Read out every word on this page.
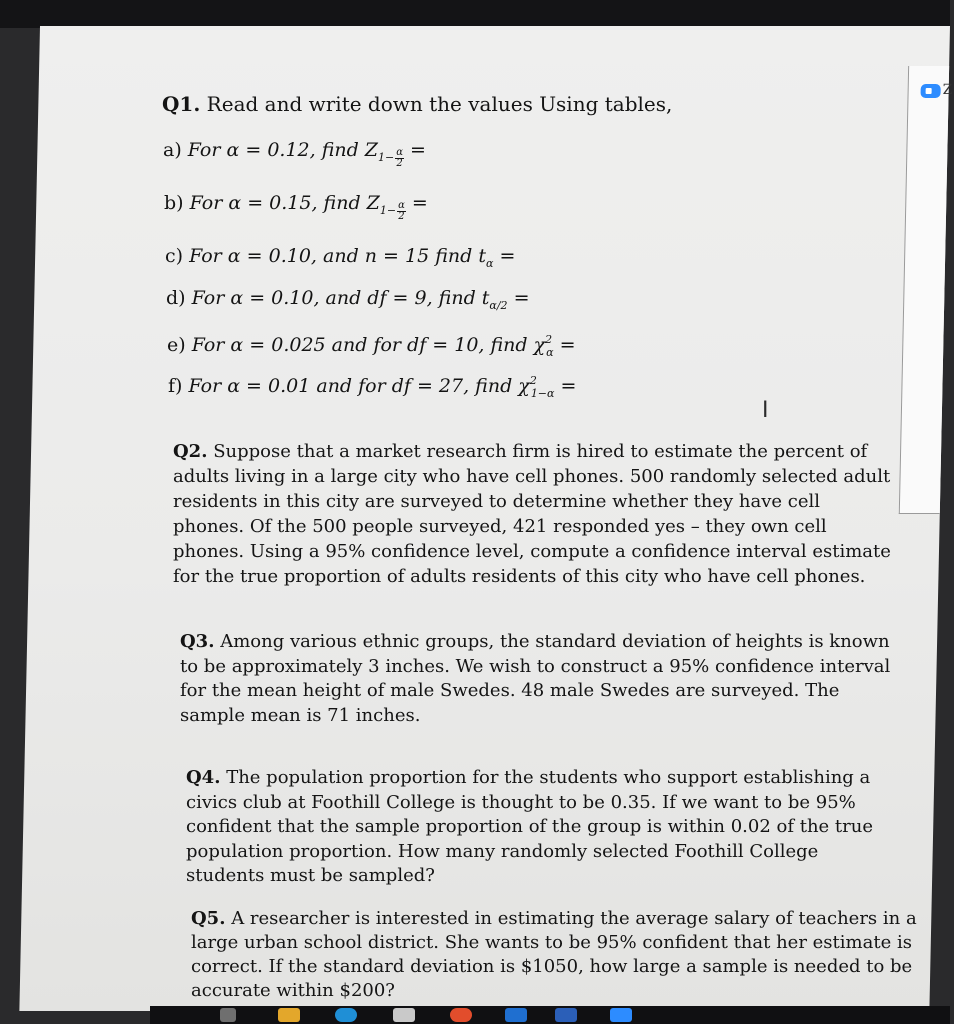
Z
Q1. Read and write down the values Using tables,
a) For α = 0.12, find $Z_{1-} \frac{\alpha}{2}$ =
b) For α = 0.15, find $Z_{1-} \frac{\alpha}{2}$ =
c) For α = 0.10, and n = 15 find $t_\alpha$ =
d) For α = 0.10, and df = 9, find $t_{\alpha/2}$ =
e) For α = 0.025 and for df = 10, find $\chi^2_\alpha$ =
f) For α = 0.01 and for df = 27, find $\chi^2_{1-\alpha}$ =
I
Q2. Suppose that a market research firm is hired to estimate the percent of
adults living in a large city who have cell phones. 500 randomly selected adult
residents in this city are surveyed to determine whether they have cell
phones. Of the 500 people surveyed, 421 responded yes – they own cell
phones. Using a 95% confidence level, compute a confidence interval estimate
for the true proportion of adults residents of this city who have cell phones.
Q3. Among various ethnic groups, the standard deviation of heights is known
to be approximately 3 inches. We wish to construct a 95% confidence interval
for the mean height of male Swedes. 48 male Swedes are surveyed. The
sample mean is 71 inches.
Q4. The population proportion for the students who support establishing a
civics club at Foothill College is thought to be 0.35. If we want to be 95%
confident that the sample proportion of the group is within 0.02 of the true
population proportion. How many randomly selected Foothill College
students must be sampled?
Q5. A researcher is interested in estimating the average salary of teachers in a
large urban school district. She wants to be 95% confident that her estimate is
correct. If the standard deviation is $1050, how large a sample is needed to be
accurate within $200?
